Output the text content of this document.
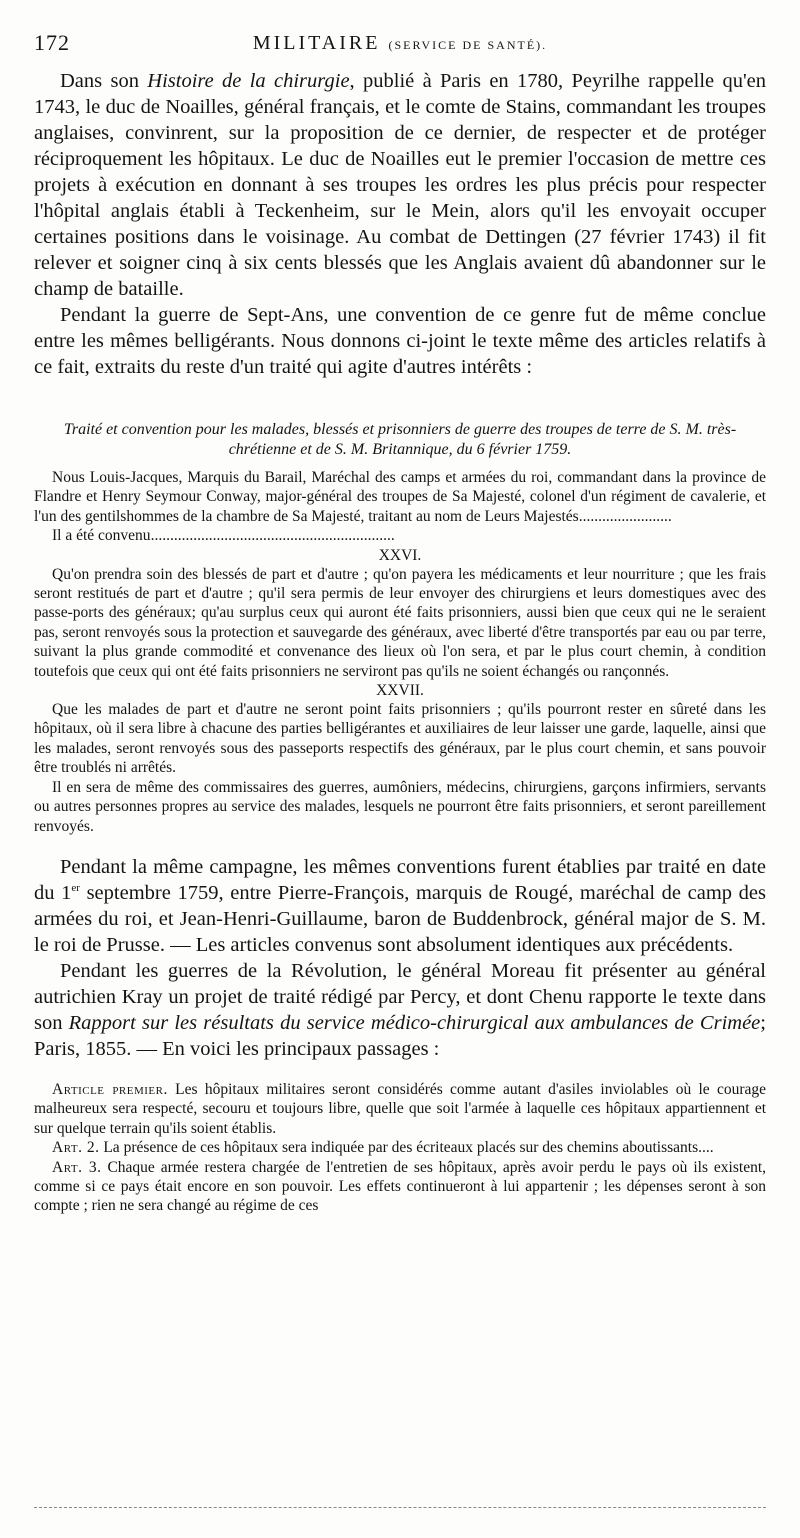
172	MILITAIRE (SERVICE DE SANTÉ).

Dans son Histoire de la chirurgie, publié à Paris en 1780, Peyrilhe rappelle qu'en 1743, le duc de Noailles, général français, et le comte de Stains, commandant les troupes anglaises, convinrent, sur la proposition de ce dernier, de respecter et de protéger réciproquement les hôpitaux. Le duc de Noailles eut le premier l'occasion de mettre ces projets à exécution en donnant à ses troupes les ordres les plus précis pour respecter l'hôpital anglais établi à Teckenheim, sur le Mein, alors qu'il les envoyait occuper certaines positions dans le voisinage. Au combat de Dettingen (27 février 1743) il fit relever et soigner cinq à six cents blessés que les Anglais avaient dû abandonner sur le champ de bataille.

Pendant la guerre de Sept-Ans, une convention de ce genre fut de même conclue entre les mêmes belligérants. Nous donnons ci-joint le texte même des articles relatifs à ce fait, extraits du reste d'un traité qui agite d'autres intérêts :

Traité et convention pour les malades, blessés et prisonniers de guerre des troupes de terre de S. M. très-chrétienne et de S. M. Britannique, du 6 février 1759.

Nous Louis-Jacques, Marquis du Barail, Maréchal des camps et armées du roi, commandant dans la province de Flandre et Henry Seymour Conway, major-général des troupes de Sa Majesté, colonel d'un régiment de cavalerie, et l'un des gentilshommes de la chambre de Sa Majesté, traitant au nom de Leurs Majestés........................

Il a été convenu...............................................................

XXVI.

Qu'on prendra soin des blessés de part et d'autre ; qu'on payera les médicaments et leur nourriture ; que les frais seront restitués de part et d'autre ; qu'il sera permis de leur envoyer des chirurgiens et leurs domestiques avec des passe-ports des généraux; qu'au surplus ceux qui auront été faits prisonniers, aussi bien que ceux qui ne le seraient pas, seront renvoyés sous la protection et sauvegarde des généraux, avec liberté d'être transportés par eau ou par terre, suivant la plus grande commodité et convenance des lieux où l'on sera, et par le plus court chemin, à condition toutefois que ceux qui ont été faits prisonniers ne serviront pas qu'ils ne soient échangés ou rançonnés.

XXVII.

Que les malades de part et d'autre ne seront point faits prisonniers ; qu'ils pourront rester en sûreté dans les hôpitaux, où il sera libre à chacune des parties belligérantes et auxiliaires de leur laisser une garde, laquelle, ainsi que les malades, seront renvoyés sous des passeports respectifs des généraux, par le plus court chemin, et sans pouvoir être troublés ni arrêtés.

Il en sera de même des commissaires des guerres, aumôniers, médecins, chirurgiens, garçons infirmiers, servants ou autres personnes propres au service des malades, lesquels ne pourront être faits prisonniers, et seront pareillement renvoyés.

Pendant la même campagne, les mêmes conventions furent établies par traité en date du 1er septembre 1759, entre Pierre-François, marquis de Rougé, maréchal de camp des armées du roi, et Jean-Henri-Guillaume, baron de Buddenbrock, général major de S. M. le roi de Prusse. — Les articles convenus sont absolument identiques aux précédents.

Pendant les guerres de la Révolution, le général Moreau fit présenter au général autrichien Kray un projet de traité rédigé par Percy, et dont Chenu rapporte le texte dans son Rapport sur les résultats du service médico-chirurgical aux ambulances de Crimée; Paris, 1855. — En voici les principaux passages :

Article premier. Les hôpitaux militaires seront considérés comme autant d'asiles inviolables où le courage malheureux sera respecté, secouru et toujours libre, quelle que soit l'armée à laquelle ces hôpitaux appartiennent et sur quelque terrain qu'ils soient établis.

Art. 2. La présence de ces hôpitaux sera indiquée par des écriteaux placés sur des chemins aboutissants....

Art. 3. Chaque armée restera chargée de l'entretien de ses hôpitaux, après avoir perdu le pays où ils existent, comme si ce pays était encore en son pouvoir. Les effets continueront à lui appartenir ; les dépenses seront à son compte ; rien ne sera changé au régime de ces
